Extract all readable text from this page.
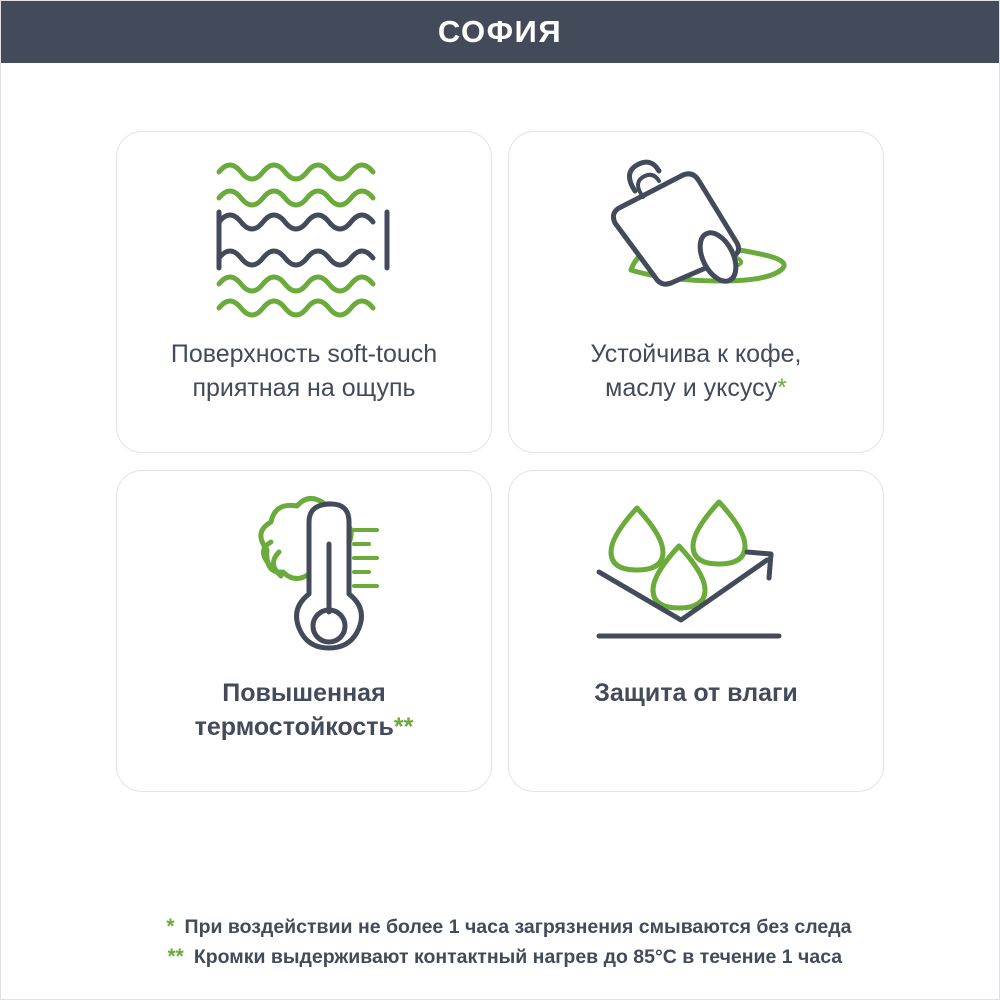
СОФИЯ
Поверхность soft-touch
приятная на ощупь
Устойчива к кофе,
маслу и уксусу*
Повышенная
термостойкость**
Защита от влаги
* При воздействии не более 1 часа загрязнения смываются без следа
** Кромки выдерживают контактный нагрев до 85°С в течение 1 часа
